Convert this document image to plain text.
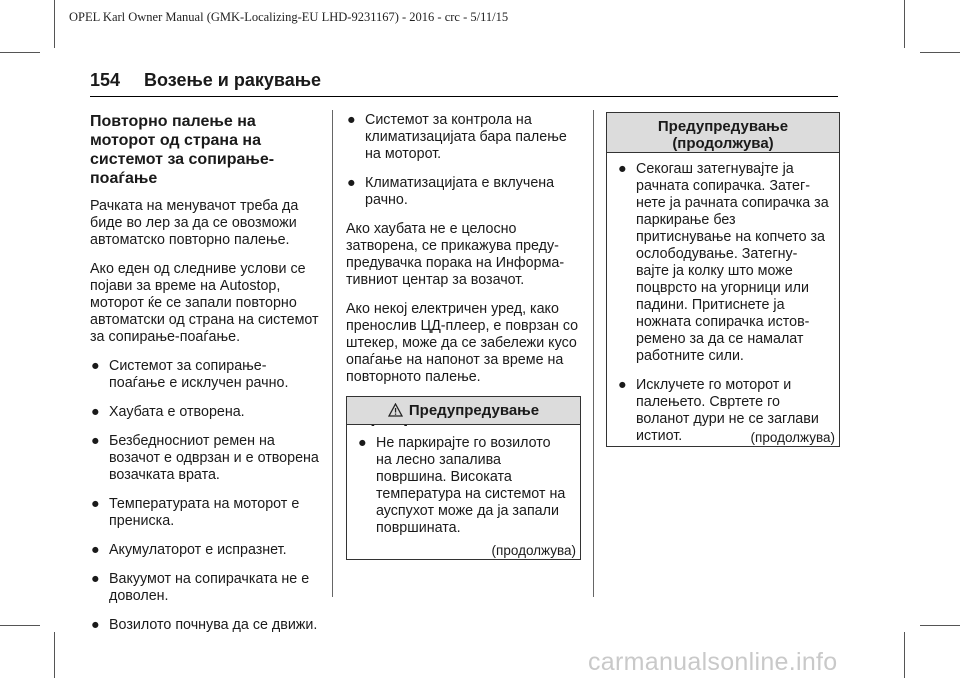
OPEL Karl Owner Manual (GMK-Localizing-EU LHD-9231167) - 2016 - crc - 5/11/15
154 Возење и ракување
Повторно палење на моторот од страна на системот за сопирање-поаѓање

Рачката на менувачот треба да биде во лер за да се овозможи автоматско повторно палење.

Ако еден од следниве услови се појави за време на Autostop, моторот ќе се запали повторно автоматски од страна на системот за сопирање-поаѓање.

● Системот за сопирање-поаѓање е исклучен рачно.
● Хаубата е отворена.
● Безбедносниот ремен на возачот е одврзан и е отворена возачката врата.
● Температурата на моторот е прениска.
● Акумулаторот е испразнет.
● Вакуумот на сопирачката не е доволен.
● Возилото почнува да се движи.
● Системот за контрола на климатизацијата бара палење на моторот.
● Климатизацијата е вклучена рачно.

Ако хаубата не е целосно затворена, се прикажува преду-предувачка порака на Информа-тивниот центар за возачот.

Ако некој електричен уред, како пренослив ЦД-плеер, е поврзан со штекер, може да се забележи кусо опаѓање на напонот за време на повторното палење.

Предупредување
● Не паркирајте го возилото на лесно запалива површина. Високата температура на системот на ауспухот може да ја запали површината.
(продолжува)
Предупредување
(продолжува)
● Секогаш затегнувајте ја рачната сопирачка. Затег-нете ја рачната сопирачка за паркирање без притиснување на копчето за ослободување. Затегну-вајте ја колку што може поцврсто на угорници или падини. Притиснете ја ножната сопирачка истов-ремено за да се намалат работните сили.
● Исклучете го моторот и палењето. Свртете го воланот дури не се заглави истиот.	(продолжува)
carmanualsonline.info
